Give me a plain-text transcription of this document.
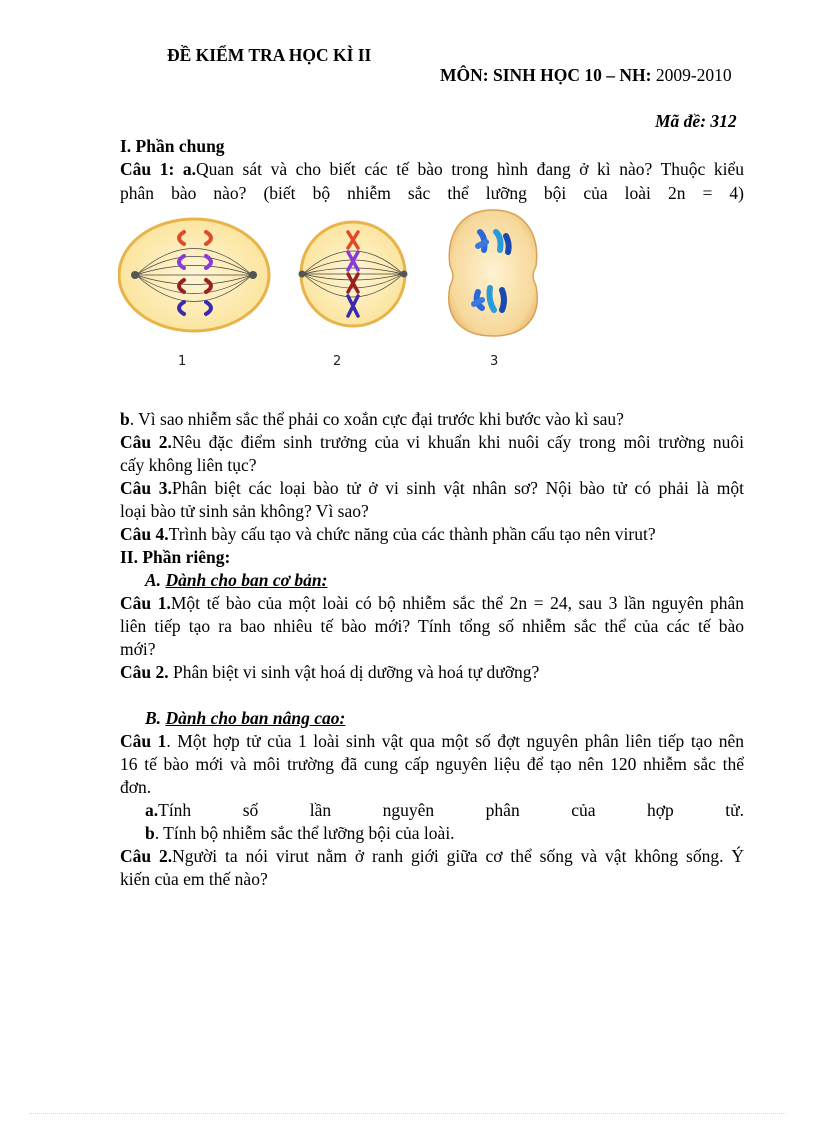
ĐỀ KIỂM TRA HỌC KÌ II
MÔN: SINH HỌC 10 – NH: 2009-2010
Mã đề: 312
I. Phần chung
Câu 1: a.Quan sát và cho biết các tế bào trong hình đang ở kì nào? Thuộc kiểu
phân bào nào? (biết bộ nhiễm sắc thể lưỡng bội của loài 2n = 4)
1	2	3
b. Vì sao nhiễm sắc thể phải co xoắn cực đại trước khi bước vào kì sau?
Câu 2.Nêu đặc điểm sinh trưởng của vi khuẩn khi nuôi cấy trong môi trường nuôi
cấy không liên tục?
Câu 3.Phân biệt các loại bào tử ở vi sinh vật nhân sơ? Nội bào tử có phải là một
loại bào tử sinh sản không? Vì sao?
Câu 4.Trình bày cấu tạo và chức năng của các thành phần cấu tạo nên virut?
II. Phần riêng:
A. Dành cho ban cơ bản:
Câu 1.Một tế bào của một loài có bộ nhiễm sắc thể 2n = 24, sau 3 lần nguyên phân
liên tiếp tạo ra bao nhiêu tế bào mới? Tính tổng số nhiễm sắc thể của các tế bào
mới?
Câu 2. Phân biệt vi sinh vật hoá dị dưỡng và hoá tự dưỡng?
B. Dành cho ban nâng cao:
Câu 1. Một hợp tử của 1 loài sinh vật qua một số đợt nguyên phân liên tiếp tạo nên
16 tế bào mới và môi trường đã cung cấp nguyên liệu để tạo nên 120 nhiễm sắc thể
đơn.
a.Tính số lần nguyên phân của hợp tử.
b. Tính bộ nhiễm sắc thể lưỡng bội của loài.
Câu 2.Người ta nói virut nằm ở ranh giới giữa cơ thể sống và vật không sống. Ý
kiến của em thế nào?
